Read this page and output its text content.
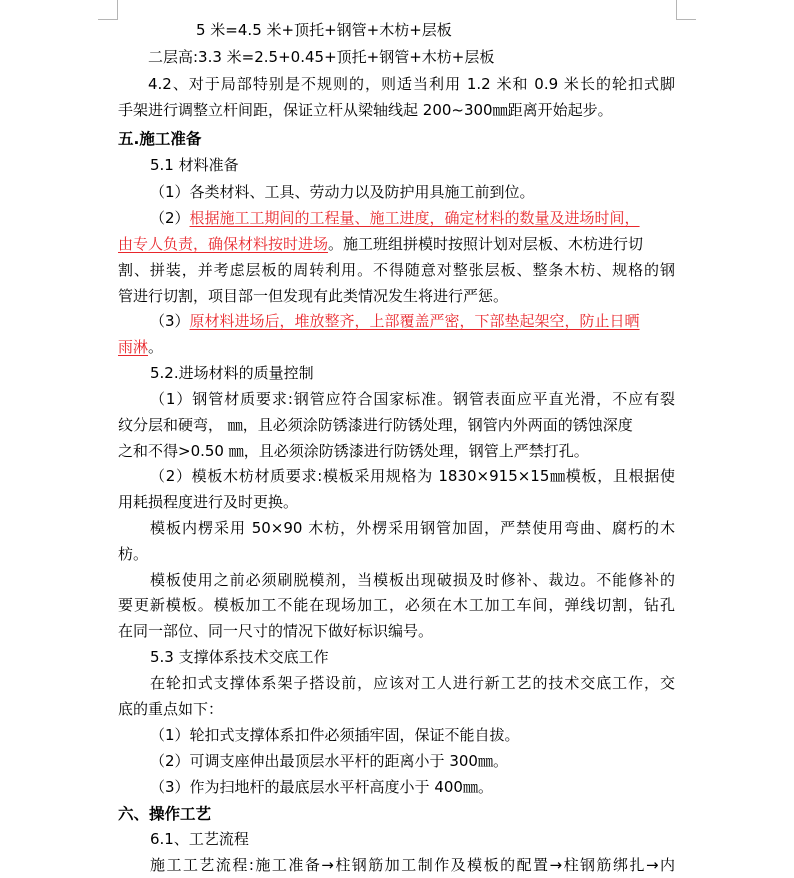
5 米=4.5 米+顶托+钢管+木枋+层板
二层高:3.3 米=2.5+0.45+顶托+钢管+木枋+层板
4.2、对于局部特别是不规则的，则适当利用 1.2 米和 0.9 米长的轮扣式脚
手架进行调整立杆间距，保证立杆从梁轴线起 200~300㎜距离开始起步。
五.施工准备
5.1 材料准备
（1）各类材料、工具、劳动力以及防护用具施工前到位。
（2）根据施工工期间的工程量、施工进度，确定材料的数量及进场时间，
由专人负责，确保材料按时进场。施工班组拼模时按照计划对层板、木枋进行切
割、拼装，并考虑层板的周转利用。不得随意对整张层板、整条木枋、规格的钢
管进行切割，项目部一但发现有此类情况发生将进行严惩。
（3）原材料进场后，堆放整齐，上部覆盖严密，下部垫起架空，防止日晒
雨淋。
5.2.进场材料的质量控制
（1）钢管材质要求:钢管应符合国家标准。钢管表面应平直光滑，不应有裂
纹分层和硬弯， ㎜，且必须涂防锈漆进行防锈处理，钢管内外两面的锈蚀深度
之和不得>0.50 ㎜，且必须涂防锈漆进行防锈处理，钢管上严禁打孔。
（2）模板木枋材质要求:模板采用规格为 1830×915×15㎜模板，且根据使
用耗损程度进行及时更换。
模板内楞采用 50×90 木枋，外楞采用钢管加固，严禁使用弯曲、腐朽的木
枋。
模板使用之前必须刷脱模剂，当模板出现破损及时修补、裁边。不能修补的
要更新模板。模板加工不能在现场加工，必须在木工加工车间，弹线切割，钻孔
在同一部位、同一尺寸的情况下做好标识编号。
5.3 支撑体系技术交底工作
在轮扣式支撑体系架子搭设前，应该对工人进行新工艺的技术交底工作，交
底的重点如下：
（1）轮扣式支撑体系扣件必须插牢固，保证不能自拔。
（2）可调支座伸出最顶层水平杆的距离小于 300㎜。
（3）作为扫地杆的最底层水平杆高度小于 400㎜。
六、操作工艺
6.1、工艺流程
施工工艺流程:施工准备→柱钢筋加工制作及模板的配置→柱钢筋绑扎→内
